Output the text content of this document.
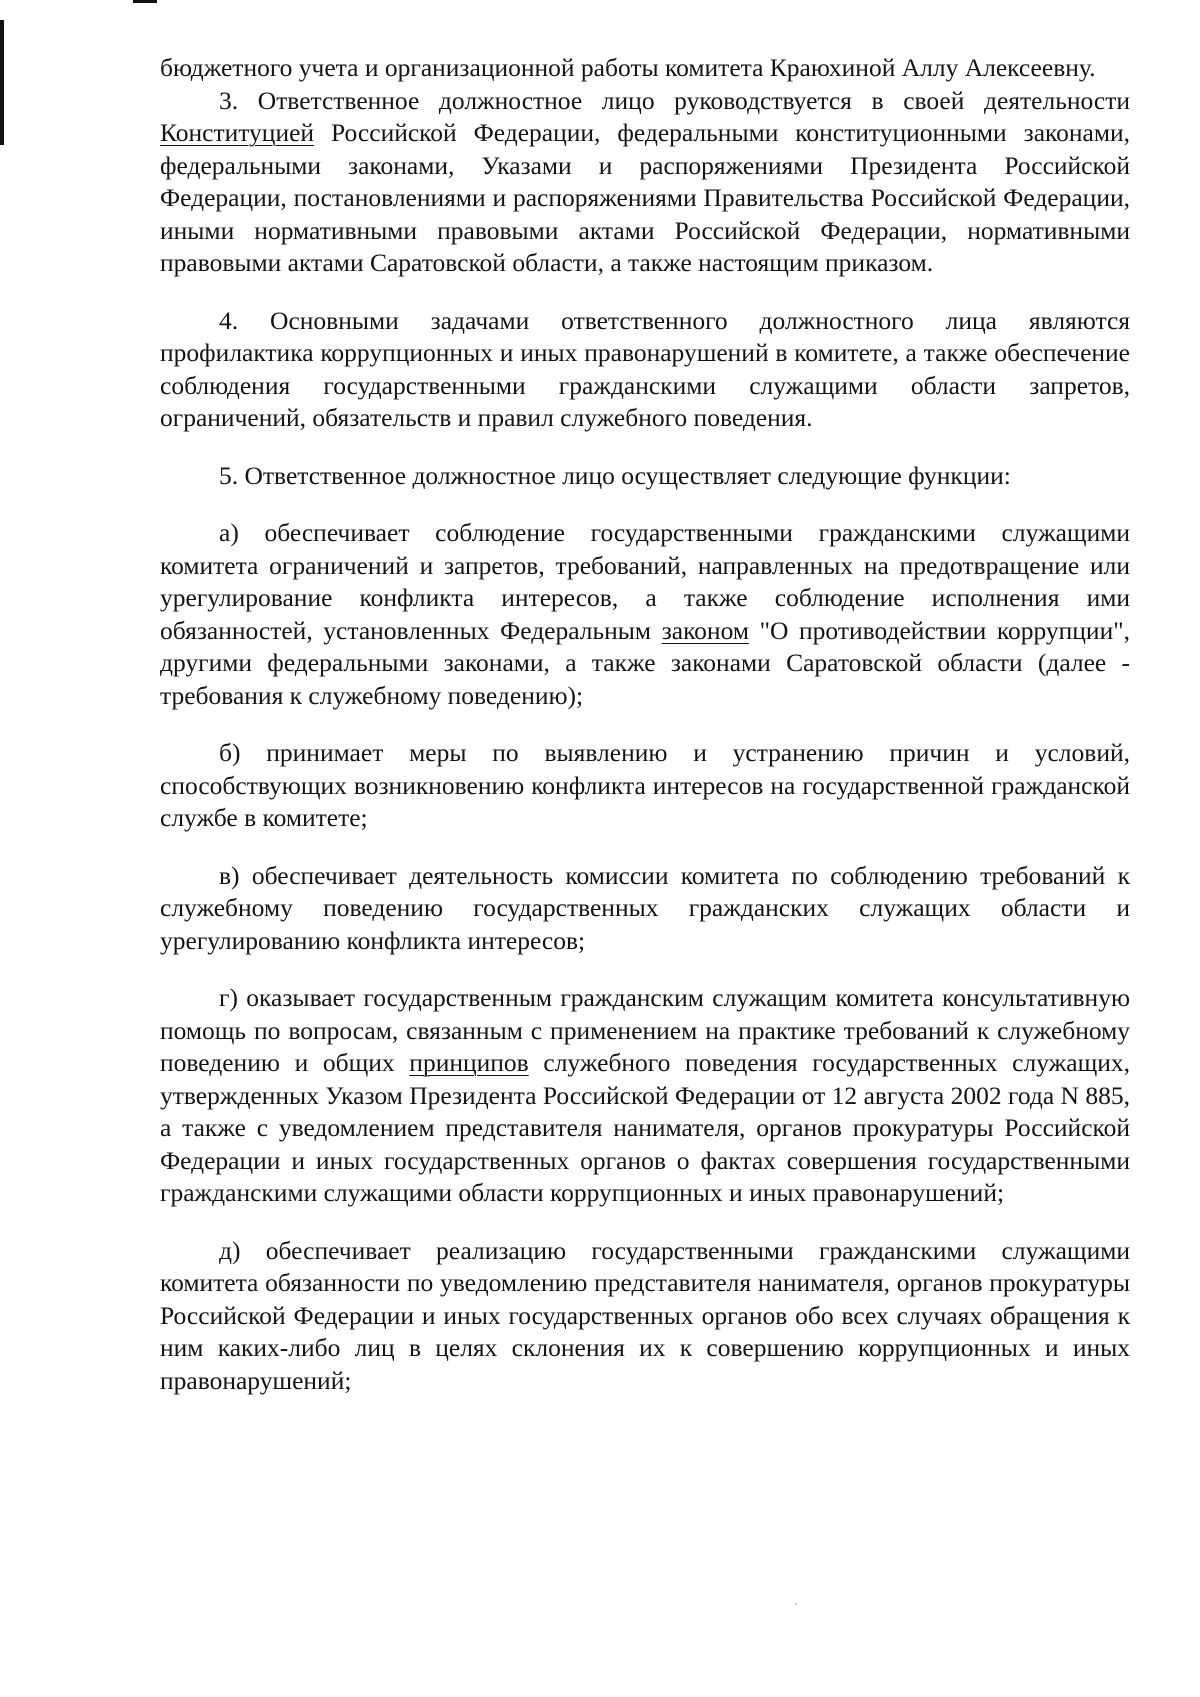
бюджетного учета и организационной работы комитета Краюхиной Аллу Алексеевну.

3. Ответственное должностное лицо руководствуется в своей деятельности Конституцией Российской Федерации, федеральными конституционными законами, федеральными законами, Указами и распоряжениями Президента Российской Федерации, постановлениями и распоряжениями Правительства Российской Федерации, иными нормативными правовыми актами Российской Федерации, нормативными правовыми актами Саратовской области, а также настоящим приказом.

4. Основными задачами ответственного должностного лица являются профилактика коррупционных и иных правонарушений в комитете, а также обеспечение соблюдения государственными гражданскими служащими области запретов, ограничений, обязательств и правил служебного поведения.

5. Ответственное должностное лицо осуществляет следующие функции:

а) обеспечивает соблюдение государственными гражданскими служащими комитета ограничений и запретов, требований, направленных на предотвращение или урегулирование конфликта интересов, а также соблюдение исполнения ими обязанностей, установленных Федеральным законом "О противодействии коррупции", другими федеральными законами, а также законами Саратовской области (далее - требования к служебному поведению);

б) принимает меры по выявлению и устранению причин и условий, способствующих возникновению конфликта интересов на государственной гражданской службе в комитете;

в) обеспечивает деятельность комиссии комитета по соблюдению требований к служебному поведению государственных гражданских служащих области и урегулированию конфликта интересов;

г) оказывает государственным гражданским служащим комитета консультативную помощь по вопросам, связанным с применением на практике требований к служебному поведению и общих принципов служебного поведения государственных служащих, утвержденных Указом Президента Российской Федерации от 12 августа 2002 года N 885, а также с уведомлением представителя нанимателя, органов прокуратуры Российской Федерации и иных государственных органов о фактах совершения государственными гражданскими служащими области коррупционных и иных правонарушений;

д) обеспечивает реализацию государственными гражданскими служащими комитета обязанности по уведомлению представителя нанимателя, органов прокуратуры Российской Федерации и иных государственных органов обо всех случаях обращения к ним каких-либо лиц в целях склонения их к совершению коррупционных и иных правонарушений;
